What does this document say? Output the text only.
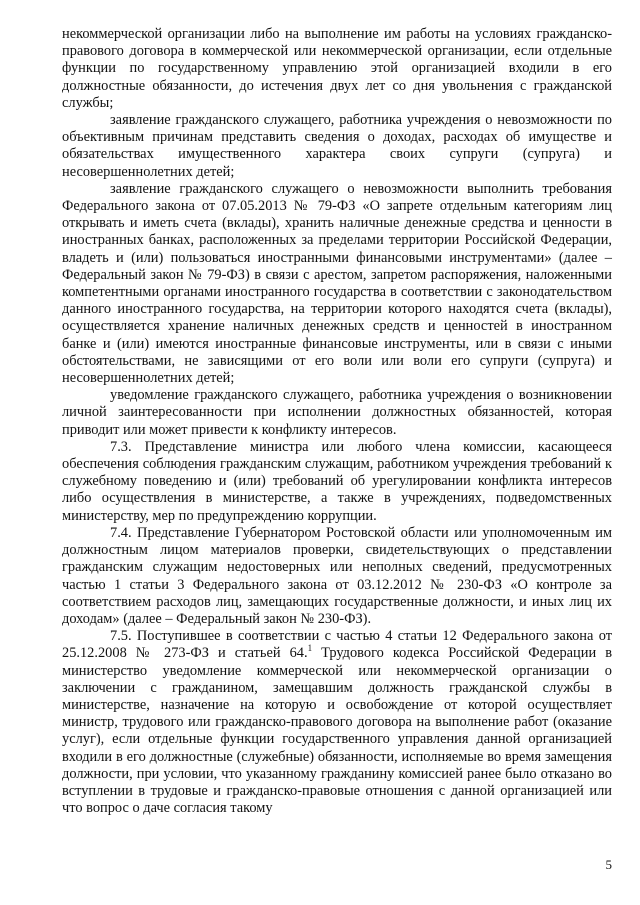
некоммерческой организации либо на выполнение им работы на условиях гражданско-правового договора в коммерческой или некоммерческой организации, если отдельные функции по государственному управлению этой организацией входили в его должностные обязанности, до истечения двух лет со дня увольнения с гражданской службы;

заявление гражданского служащего, работника учреждения о невозможности по объективным причинам представить сведения о доходах, расходах об имуществе и обязательствах имущественного характера своих супруги (супруга) и несовершеннолетних детей;

заявление гражданского служащего о невозможности выполнить требования Федерального закона от 07.05.2013 № 79-ФЗ «О запрете отдельным категориям лиц открывать и иметь счета (вклады), хранить наличные денежные средства и ценности в иностранных банках, расположенных за пределами территории Российской Федерации, владеть и (или) пользоваться иностранными финансовыми инструментами» (далее – Федеральный закон № 79-ФЗ) в связи с арестом, запретом распоряжения, наложенными компетентными органами иностранного государства в соответствии с законодательством данного иностранного государства, на территории которого находятся счета (вклады), осуществляется хранение наличных денежных средств и ценностей в иностранном банке и (или) имеются иностранные финансовые инструменты, или в связи с иными обстоятельствами, не зависящими от его воли или воли его супруги (супруга) и несовершеннолетних детей;

уведомление гражданского служащего, работника учреждения о возникновении личной заинтересованности при исполнении должностных обязанностей, которая приводит или может привести к конфликту интересов.

7.3. Представление министра или любого члена комиссии, касающееся обеспечения соблюдения гражданским служащим, работником учреждения требований к служебному поведению и (или) требований об урегулировании конфликта интересов либо осуществления в министерстве, а также в учреждениях, подведомственных министерству, мер по предупреждению коррупции.

7.4. Представление Губернатором Ростовской области или уполномоченным им должностным лицом материалов проверки, свидетельствующих о представлении гражданским служащим недостоверных или неполных сведений, предусмотренных частью 1 статьи 3 Федерального закона от 03.12.2012 № 230-ФЗ «О контроле за соответствием расходов лиц, замещающих государственные должности, и иных лиц их доходам» (далее – Федеральный закон № 230-ФЗ).

7.5. Поступившее в соответствии с частью 4 статьи 12 Федерального закона от 25.12.2008 № 273-ФЗ и статьей 64.$^1$ Трудового кодекса Российской Федерации в министерство уведомление коммерческой или некоммерческой организации о заключении с гражданином, замещавшим должность гражданской службы в министерстве, назначение на которую и освобождение от которой осуществляет министр, трудового или гражданско-правового договора на выполнение работ (оказание услуг), если отдельные функции государственного управления данной организацией входили в его должностные (служебные) обязанности, исполняемые во время замещения должности, при условии, что указанному гражданину комиссией ранее было отказано во вступлении в трудовые и гражданско-правовые отношения с данной организацией или что вопрос о даче согласия такому

5
